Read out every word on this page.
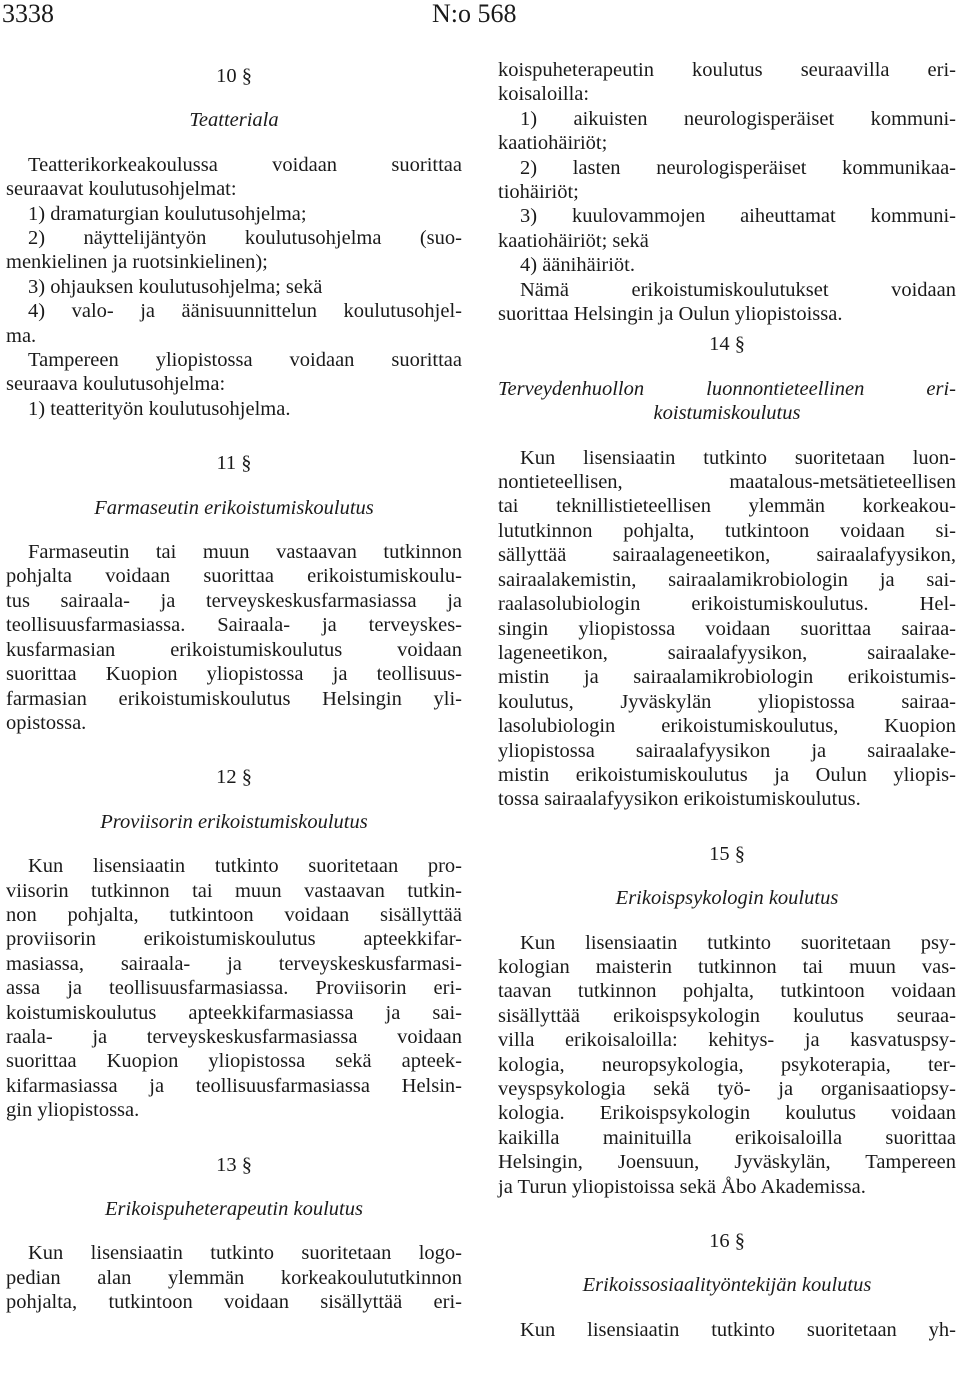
3338	N:o 568
10 §
Teatteriala
Teatterikorkeakoulussa voidaan suorittaa
seuraavat koulutusohjelmat:
1) dramaturgian koulutusohjelma;
2) näyttelijäntyön koulutusohjelma (suo-
menkielinen ja ruotsinkielinen);
3) ohjauksen koulutusohjelma; sekä
4) valo- ja äänisuunnittelun koulutusohjel-
ma.
Tampereen yliopistossa voidaan suorittaa
seuraava koulutusohjelma:
1) teatterityön koulutusohjelma.
11 §
Farmaseutin erikoistumiskoulutus
Farmaseutin tai muun vastaavan tutkinnon
pohjalta voidaan suorittaa erikoistumiskoulu-
tus sairaala- ja terveyskeskusfarmasiassa ja
teollisuusfarmasiassa. Sairaala- ja terveyskes-
kusfarmasian erikoistumiskoulutus voidaan
suorittaa Kuopion yliopistossa ja teollisuus-
farmasian erikoistumiskoulutus Helsingin yli-
opistossa.
12 §
Proviisorin erikoistumiskoulutus
Kun lisensiaatin tutkinto suoritetaan pro-
viisorin tutkinnon tai muun vastaavan tutkin-
non pohjalta, tutkintoon voidaan sisällyttää
proviisorin erikoistumiskoulutus apteekkifar-
masiassa, sairaala- ja terveyskeskusfarmasi-
assa ja teollisuusfarmasiassa. Proviisorin eri-
koistumiskoulutus apteekkifarmasiassa ja sai-
raala- ja terveyskeskusfarmasiassa voidaan
suorittaa Kuopion yliopistossa sekä apteek-
kifarmasiassa ja teollisuusfarmasiassa Helsin-
gin yliopistossa.
13 §
Erikoispuheterapeutin koulutus
Kun lisensiaatin tutkinto suoritetaan logo-
pedian alan ylemmän korkeakoulututkinnon
pohjalta, tutkintoon voidaan sisällyttää eri-
koispuheterapeutin koulutus seuraavilla eri-
koisaloilla:
1) aikuisten neurologisperäiset kommuni-
kaatiohäiriöt;
2) lasten neurologisperäiset kommunikaa-
tiohäiriöt;
3) kuulovammojen aiheuttamat kommuni-
kaatiohäiriöt; sekä
4) äänihäiriöt.
Nämä erikoistumiskoulutukset voidaan
suorittaa Helsingin ja Oulun yliopistoissa.
14 §
Terveydenhuollon luonnontieteellinen eri-
koistumiskoulutus
Kun lisensiaatin tutkinto suoritetaan luon-
nontieteellisen, maatalous-metsätieteellisen
tai teknillistieteellisen ylemmän korkeakou-
lututkinnon pohjalta, tutkintoon voidaan si-
sällyttää sairaalageneetikon, sairaalafyysikon,
sairaalakemistin, sairaalamikrobiologin ja sai-
raalasolubiologin erikoistumiskoulutus. Hel-
singin yliopistossa voidaan suorittaa sairaa-
lageneetikon, sairaalafyysikon, sairaalake-
mistin ja sairaalamikrobiologin erikoistumis-
koulutus, Jyväskylän yliopistossa sairaa-
lasolubiologin erikoistumiskoulutus, Kuopion
yliopistossa sairaalafyysikon ja sairaalake-
mistin erikoistumiskoulutus ja Oulun yliopis-
tossa sairaalafyysikon erikoistumiskoulutus.
15 §
Erikoispsykologin koulutus
Kun lisensiaatin tutkinto suoritetaan psy-
kologian maisterin tutkinnon tai muun vas-
taavan tutkinnon pohjalta, tutkintoon voidaan
sisällyttää erikoispsykologin koulutus seuraa-
villa erikoisaloilla: kehitys- ja kasvatuspsy-
kologia, neuropsykologia, psykoterapia, ter-
veyspsykologia sekä työ- ja organisaatiopsy-
kologia. Erikoispsykologin koulutus voidaan
kaikilla mainituilla erikoisaloilla suorittaa
Helsingin, Joensuun, Jyväskylän, Tampereen
ja Turun yliopistoissa sekä Åbo Akademissa.
16 §
Erikoissosiaalityöntekijän koulutus
Kun lisensiaatin tutkinto suoritetaan yh-
